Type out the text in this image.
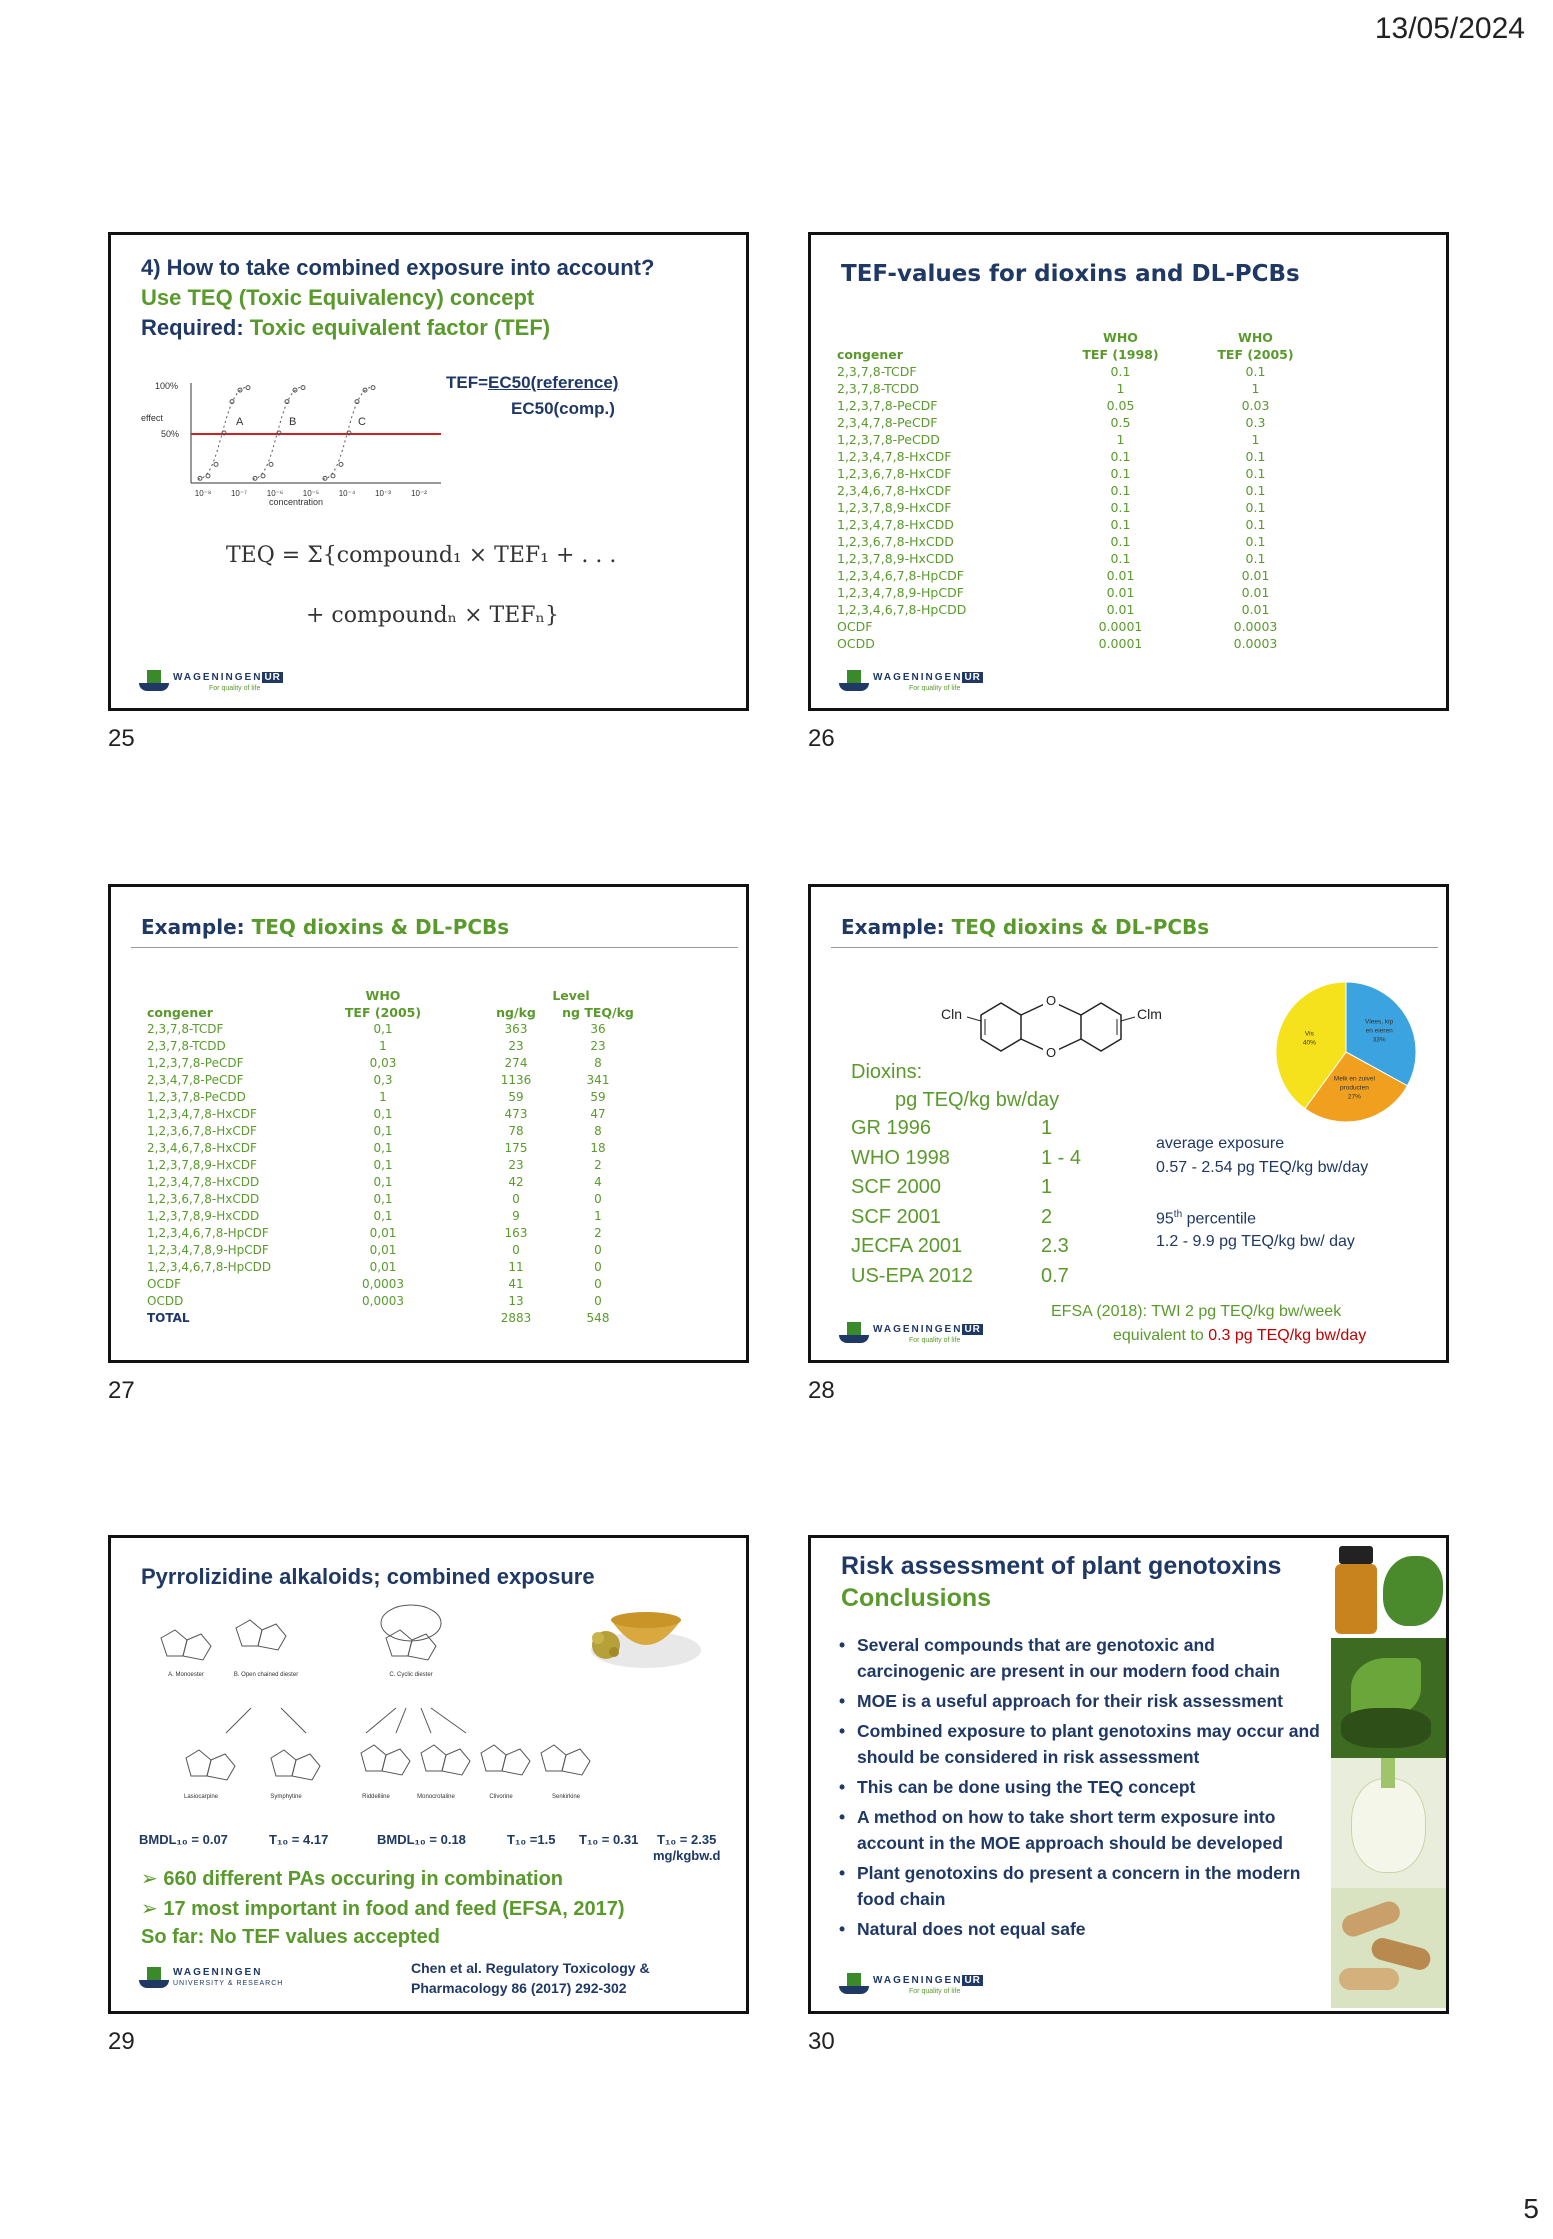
13/05/2024
4) How to take combined exposure into account?
Use TEQ (Toxic Equivalency) concept
Required: Toxic equivalent factor (TEF)
TEF=EC50(reference)
EC50(comp.)
100%
50%
effect	A	B	C
10⁻⁸ 10⁻⁷ 10⁻⁶ 10⁻⁵ 10⁻⁴ 10⁻³	10⁻²
concentration
TEQ = Σ{compound₁ × TEF₁ + . . .
+ compoundₙ × TEFₙ}
WAGENINGEN UR
For quality of life
25
TEF-values for dioxins and DL-PCBs
	WHO	WHO
congener	TEF (1998)	TEF (2005)
2,3,7,8-TCDF	0.1	0.1
2,3,7,8-TCDD	1	1
1,2,3,7,8-PeCDF	0.05	0.03
2,3,4,7,8-PeCDF	0.5	0.3
1,2,3,7,8-PeCDD	1	1
1,2,3,4,7,8-HxCDF	0.1	0.1
1,2,3,6,7,8-HxCDF	0.1	0.1
2,3,4,6,7,8-HxCDF	0.1	0.1
1,2,3,7,8,9-HxCDF	0.1	0.1
1,2,3,4,7,8-HxCDD	0.1	0.1
1,2,3,6,7,8-HxCDD	0.1	0.1
1,2,3,7,8,9-HxCDD	0.1	0.1
1,2,3,4,6,7,8-HpCDF	0.01	0.01
1,2,3,4,7,8,9-HpCDF	0.01	0.01
1,2,3,4,6,7,8-HpCDD	0.01	0.01
OCDF	0.0001	0.0003
OCDD	0.0001	0.0003
WAGENINGEN UR
For quality of life
26
Example: TEQ dioxins & DL-PCBs
	WHO	Level	
congener	TEF (2005)	ng/kg	ng TEQ/kg
2,3,7,8-TCDF	0,1	363	36
2,3,7,8-TCDD	1	23	23
1,2,3,7,8-PeCDF	0,03	274	8
2,3,4,7,8-PeCDF	0,3	1136	341
1,2,3,7,8-PeCDD	1	59	59
1,2,3,4,7,8-HxCDF	0,1	473	47
1,2,3,6,7,8-HxCDF	0,1	78	8
2,3,4,6,7,8-HxCDF	0,1	175	18
1,2,3,7,8,9-HxCDF	0,1	23	2
1,2,3,4,7,8-HxCDD	0,1	42	4
1,2,3,6,7,8-HxCDD	0,1	0	0
1,2,3,7,8,9-HxCDD	0,1	9	1
1,2,3,4,6,7,8-HpCDF	0,01	163	2
1,2,3,4,7,8,9-HpCDF	0,01	0	0
1,2,3,4,6,7,8-HpCDD	0,01	11	0
OCDF	0,0003	41	0
OCDD	0,0003	13	0
TOTAL		2883	548
27
Example: TEQ dioxins & DL-PCBs
O
O
Cln	Clm	Vlees, kip
en eieren
33%
Melk en zuivel
producten
27%
Vis
40%
Dioxins:
pg TEQ/kg bw/day
GR 1996	1
WHO 1998	1 - 4
SCF 2000	1
SCF 2001	2
JECFA 2001	2.3
US-EPA 2012	0.7
average exposure
0.57 - 2.54 pg TEQ/kg bw/day
95th percentile
1.2 - 9.9 pg TEQ/kg bw/ day
EFSA (2018): TWI 2 pg TEQ/kg bw/week
equivalent to 0.3 pg TEQ/kg bw/day
WAGENINGEN UR
For quality of life
28
Pyrrolizidine alkaloids; combined exposure
A. Monoester	B. Open chained diester	C. Cyclic diester
Lasiocarpine	Symphytine	Riddelliine	Monocrotaline	Clivorine	Senkirkine
BMDL₁₀ = 0.07	T₁₀ = 4.17	BMDL₁₀ = 0.18	T₁₀ =1.5 T₁₀ = 0.31 T₁₀ = 2.35
mg/kgbw.d
➢ 660 different PAs occuring in combination
➢ 17 most important in food and feed (EFSA, 2017)
So far: No TEF values accepted
Chen et al. Regulatory Toxicology &
Pharmacology 86 (2017) 292-302
WAGENINGEN
UNIVERSITY & RESEARCH
29
Risk assessment of plant genotoxins
Conclusions
• Several compounds that are genotoxic and carcinogenic are present in our modern food chain
• MOE is a useful approach for their risk assessment
• Combined exposure to plant genotoxins may occur and should be considered in risk assessment
• This can be done using the TEQ concept
• A method on how to take short term exposure into account in the MOE approach should be developed
• Plant genotoxins do present a concern in the modern food chain
• Natural does not equal safe
WAGENINGEN UR
For quality of life
30
5
